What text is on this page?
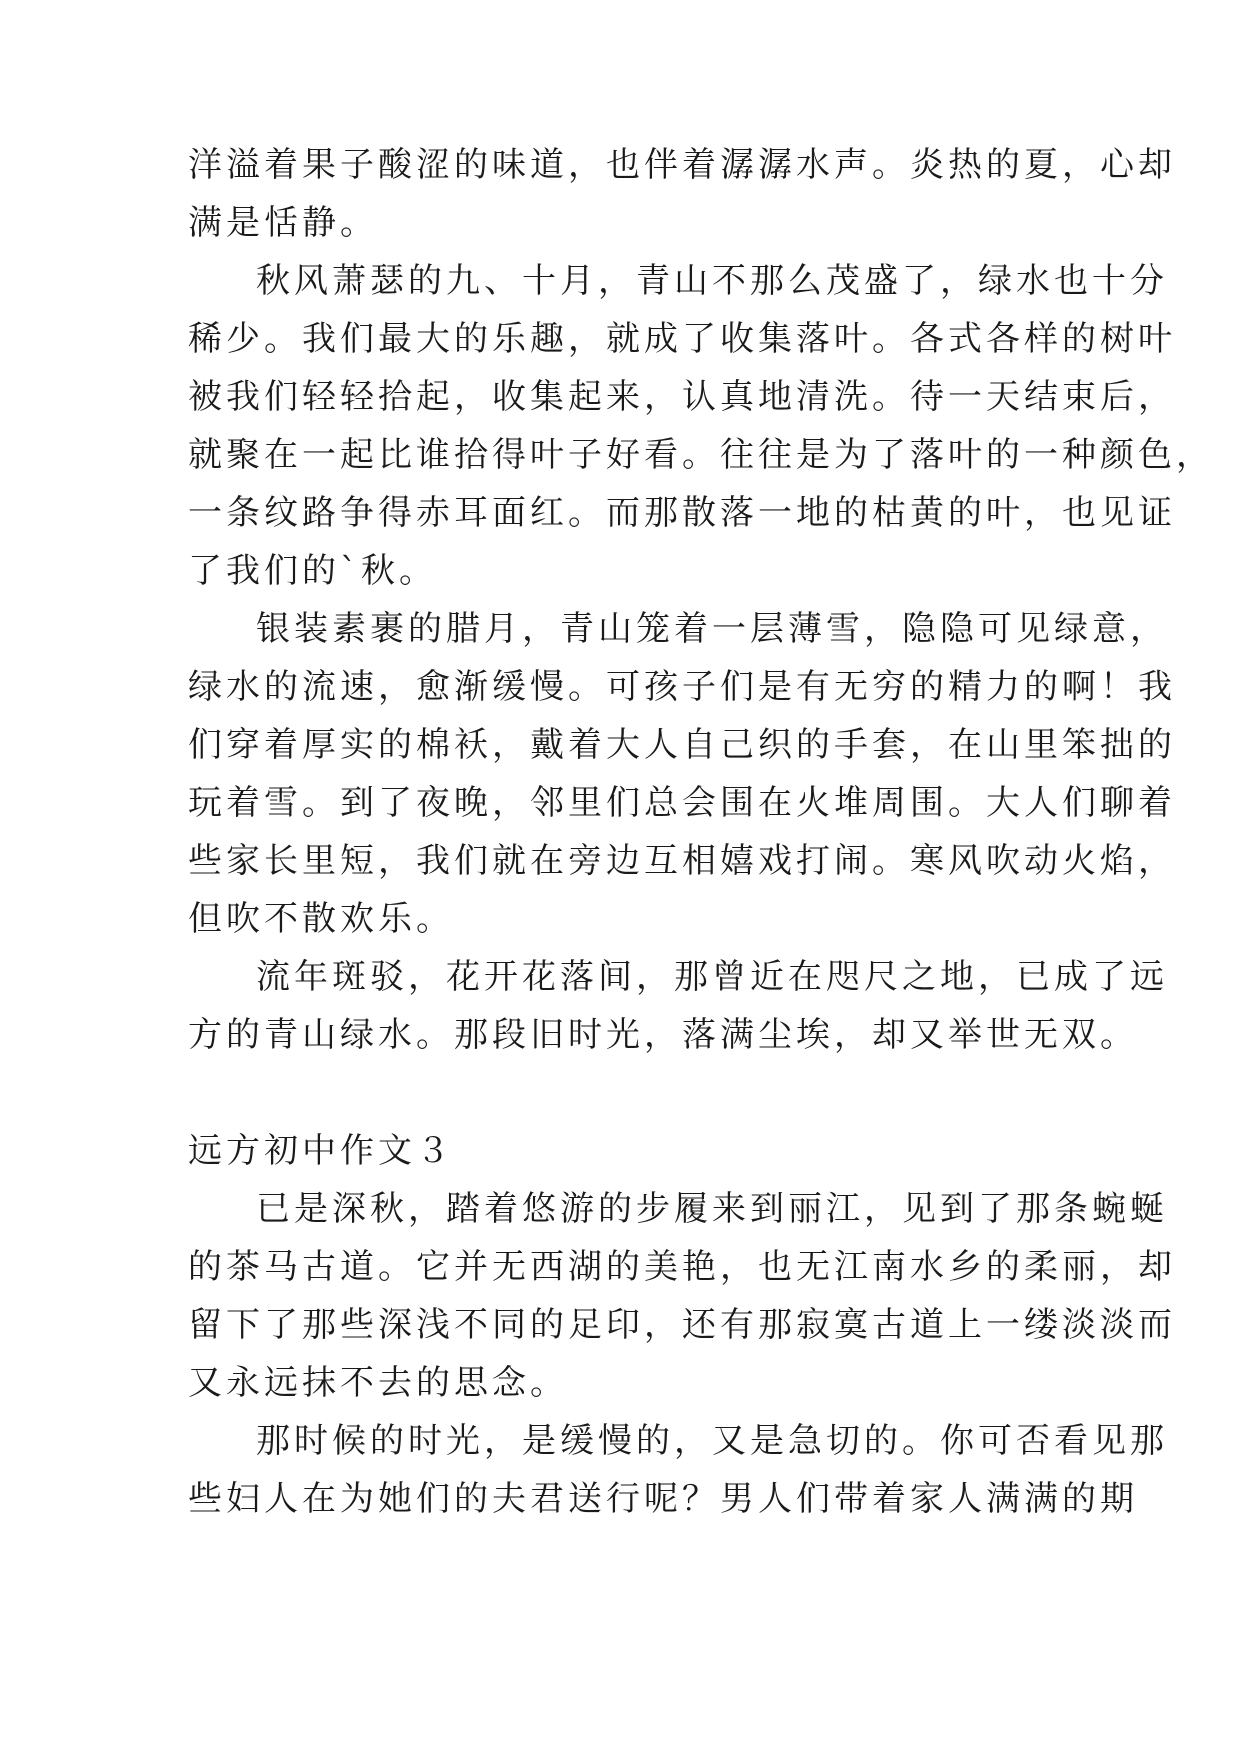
洋溢着果子酸涩的味道，也伴着潺潺水声。炎热的夏，心却
满是恬静。
秋风萧瑟的九、十月，青山不那么茂盛了，绿水也十分
稀少。我们最大的乐趣，就成了收集落叶。各式各样的树叶
被我们轻轻拾起，收集起来，认真地清洗。待一天结束后，
就聚在一起比谁拾得叶子好看。往往是为了落叶的一种颜色，
一条纹路争得赤耳面红。而那散落一地的枯黄的叶，也见证
了我们的`秋。
银装素裹的腊月，青山笼着一层薄雪，隐隐可见绿意，
绿水的流速，愈渐缓慢。可孩子们是有无穷的精力的啊！我
们穿着厚实的棉袄，戴着大人自己织的手套，在山里笨拙的
玩着雪。到了夜晚，邻里们总会围在火堆周围。大人们聊着
些家长里短，我们就在旁边互相嬉戏打闹。寒风吹动火焰，
但吹不散欢乐。
流年斑驳，花开花落间，那曾近在咫尺之地，已成了远
方的青山绿水。那段旧时光，落满尘埃，却又举世无双。
远方初中作文３
已是深秋，踏着悠游的步履来到丽江，见到了那条蜿蜒
的茶马古道。它并无西湖的美艳，也无江南水乡的柔丽，却
留下了那些深浅不同的足印，还有那寂寞古道上一缕淡淡而
又永远抹不去的思念。
那时候的时光，是缓慢的，又是急切的。你可否看见那
些妇人在为她们的夫君送行呢？男人们带着家人满满的期
